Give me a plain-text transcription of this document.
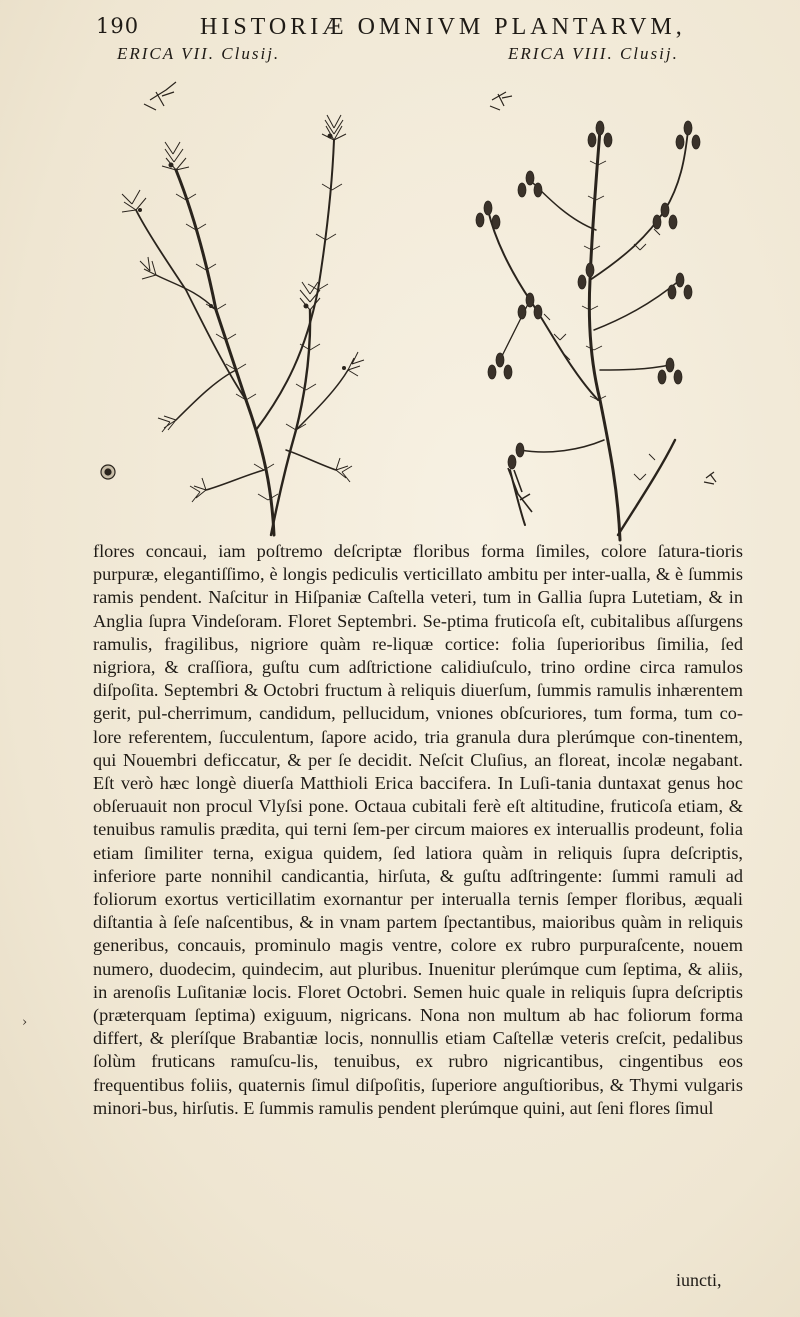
190	HISTORIÆ OMNIVM PLANTARVM,
ERICA VII. Clusij.	ERICA VIII. Clusij.

flores concaui, iam poſtremo deſcriptæ floribus forma ſimiles, colore ſatura-tioris purpuræ, elegantiſſimo, è longis pediculis verticillato ambitu per inter-ualla, & è ſummis ramis pendent. Naſcitur in Hiſpaniæ Caſtella veteri, tum in Gallia ſupra Lutetiam, & in Anglia ſupra Vindeſoram. Floret Septembri. Se-ptima fruticoſa eſt, cubitalibus aſſurgens ramulis, fragilibus, nigriore quàm re-liquæ cortice: folia ſuperioribus ſimilia, ſed nigriora, & craſſiora, guſtu cum adſtrictione calidiuſculo, trino ordine circa ramulos diſpoſita. Septembri & Octobri fructum à reliquis diuerſum, ſummis ramulis inhærentem gerit, pul-cherrimum, candidum, pellucidum, vniones obſcuriores, tum forma, tum co-lore referentem, ſucculentum, ſapore acido, tria granula dura plerúmque con-tinentem, qui Nouembri deficcatur, & per ſe decidit. Neſcit Cluſius, an floreat, incolæ negabant. Eſt verò hæc longè diuerſa Matthioli Erica baccifera. In Luſi-tania duntaxat genus hoc obſeruauit non procul Vlyſsi pone. Octaua cubitali ferè eſt altitudine, fruticoſa etiam, & tenuibus ramulis prædita, qui terni ſem-per circum maiores ex interuallis prodeunt, folia etiam ſimiliter terna, exigua quidem, ſed latiora quàm in reliquis ſupra deſcriptis, inferiore parte nonnihil candicantia, hirſuta, & guſtu adſtringente: ſummi ramuli ad foliorum exortus verticillatim exornantur per interualla ternis ſemper floribus, æquali diſtantia à ſeſe naſcentibus, & in vnam partem ſpectantibus, maioribus quàm in reliquis generibus, concauis, prominulo magis ventre, colore ex rubro purpuraſcente, nouem numero, duodecim, quindecim, aut pluribus. Inuenitur plerúmque cum ſeptima, & aliis, in arenoſis Luſitaniæ locis. Floret Octobri. Semen huic quale in reliquis ſupra deſcriptis (præterquam ſeptima) exiguum, nigricans. Nona non multum ab hac foliorum forma differt, & pleríſque Brabantiæ locis, nonnullis etiam Caſtellæ veteris creſcit, pedalibus ſolùm fruticans ramuſcu-lis, tenuibus, ex rubro nigricantibus, cingentibus eos frequentibus foliis, quaternis ſimul diſpoſitis, ſuperiore anguſtioribus, & Thymi vulgaris minori-bus, hirſutis. E ſummis ramulis pendent plerúmque quini, aut ſeni flores ſimul

›
iuncti,
